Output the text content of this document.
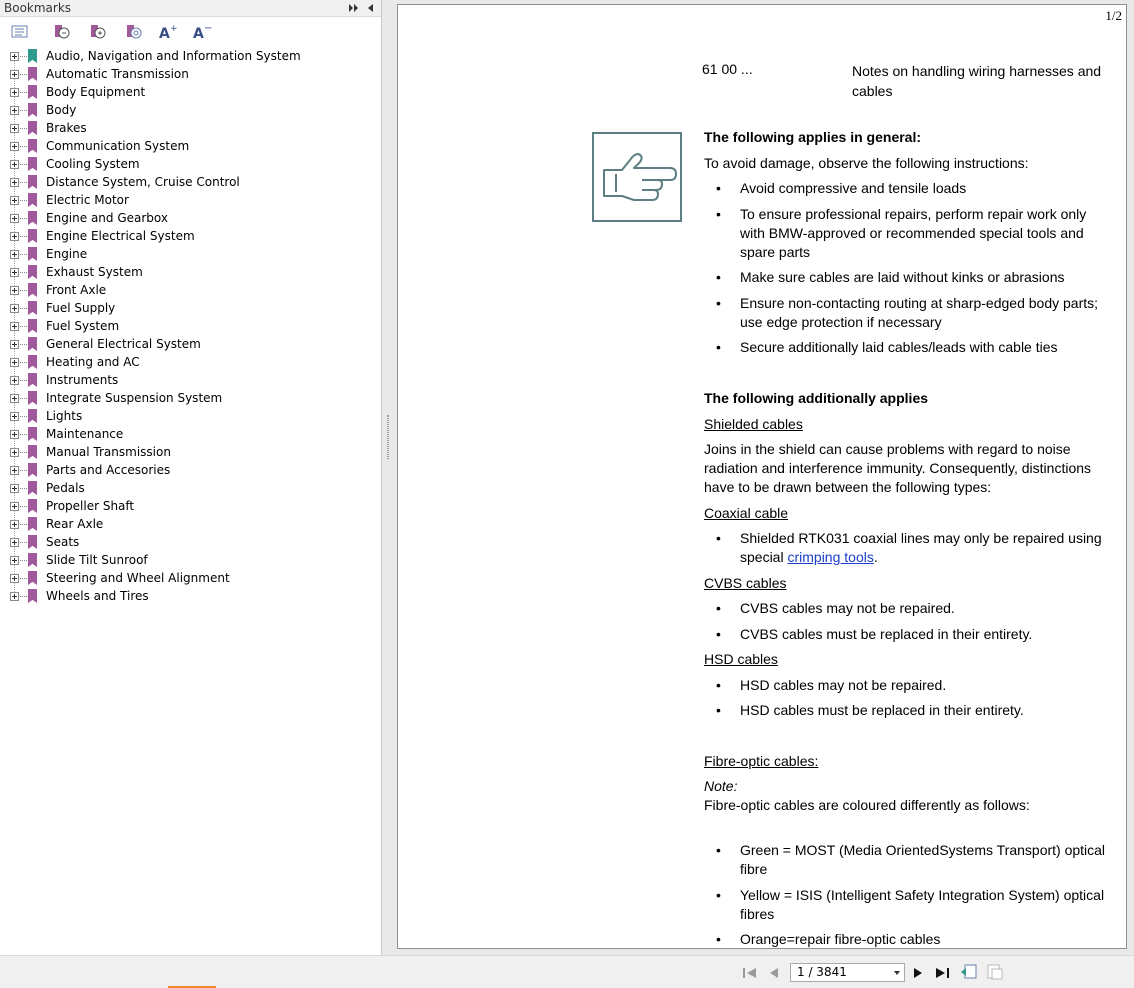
Bookmarks
A + A −
Audio, Navigation and Information System
Automatic Transmission
Body Equipment
Body
Brakes
Communication System
Cooling System
Distance System, Cruise Control
Electric Motor
Engine and Gearbox
Engine Electrical System
Engine
Exhaust System
Front Axle
Fuel Supply
Fuel System
General Electrical System
Heating and AC
Instruments
Integrate Suspension System
Lights
Maintenance
Manual Transmission
Parts and Accesories
Pedals
Propeller Shaft
Rear Axle
Seats
Slide Tilt Sunroof
Steering and Wheel Alignment
Wheels and Tires
1/2
61 00 ...	Notes on handling wiring harnesses and cables
The following applies in general:
To avoid damage, observe the following instructions:
• Avoid compressive and tensile loads
• To ensure professional repairs, perform repair work only with BMW-approved or recommended special tools and spare parts
• Make sure cables are laid without kinks or abrasions
• Ensure non-contacting routing at sharp-edged body parts; use edge protection if necessary
• Secure additionally laid cables/leads with cable ties
The following additionally applies
Shielded cables
Joins in the shield can cause problems with regard to noise radiation and interference immunity. Consequently, distinctions have to be drawn between the following types:
Coaxial cable
• Shielded RTK031 coaxial lines may only be repaired using special crimping tools.
CVBS cables
• CVBS cables may not be repaired.
• CVBS cables must be replaced in their entirety.
HSD cables
• HSD cables may not be repaired.
• HSD cables must be replaced in their entirety.
Fibre-optic cables:
Note:
Fibre-optic cables are coloured differently as follows:
• Green = MOST (Media OrientedSystems Transport) optical fibre
• Yellow = ISIS (Intelligent Safety Integration System) optical fibres
• Orange=repair fibre-optic cables
1 / 3841
